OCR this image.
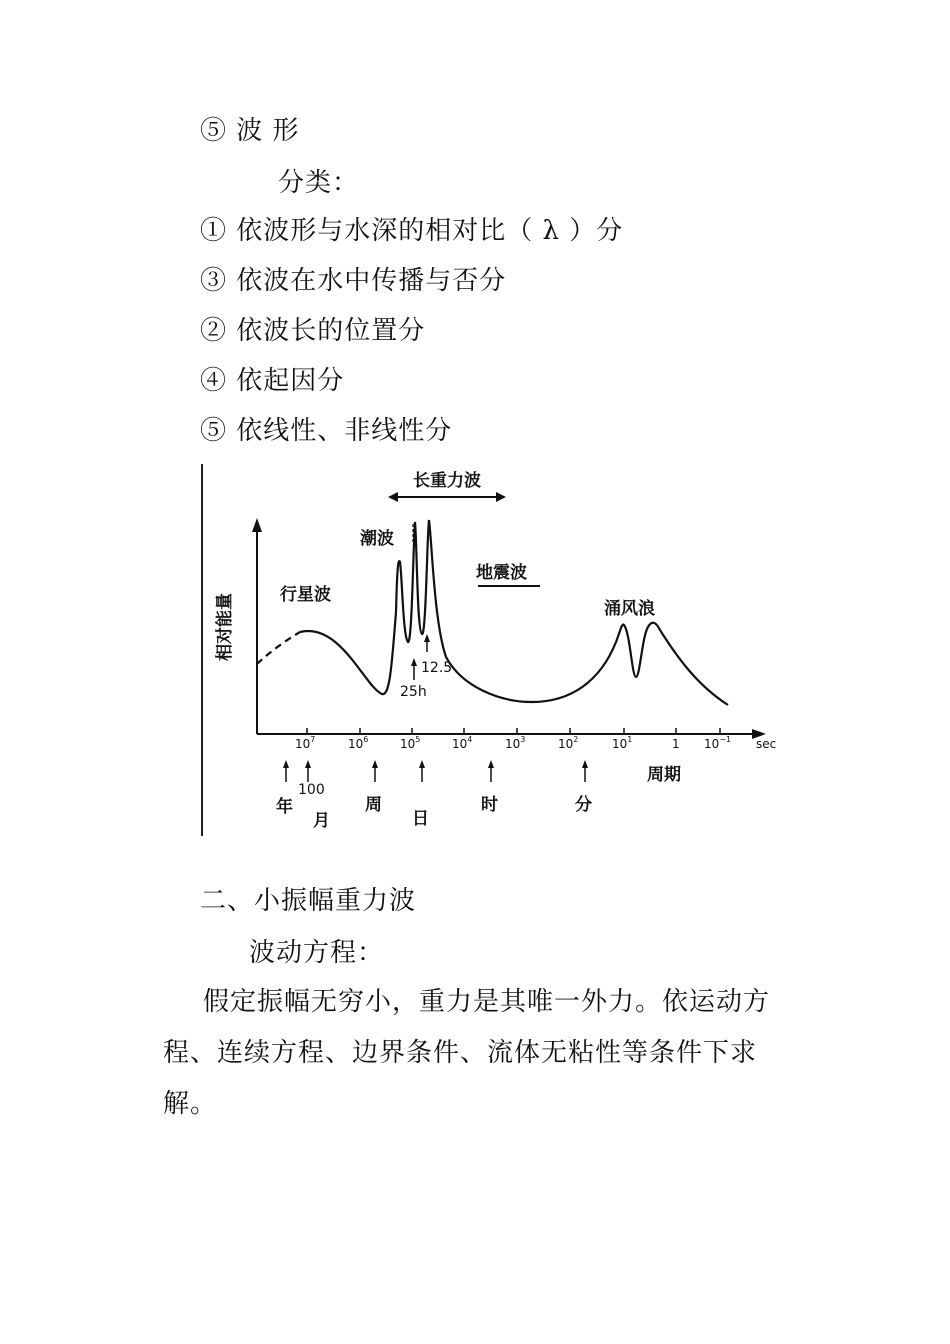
⑤ 波 形
分类：
① 依波形与水深的相对比（ λ ）分
③ 依波在水中传播与否分
② 依波长的位置分
④ 依起因分
⑤ 依线性、非线性分
$10^7$	$10^6$	$10^5$	$10^4$	$10^3$	$10^2$	$10^1$	1 $10^{-1}$ sec
相对能量
长重力波
行星波
潮波
地震波
涌风浪
12.5
25h
周期
年
100
月
周
日
时	分
二、小振幅重力波
波动方程：
假定振幅无穷小，重力是其唯一外力。依运动方程、连续方程、边界条件、流体无粘性等条件下求解。
